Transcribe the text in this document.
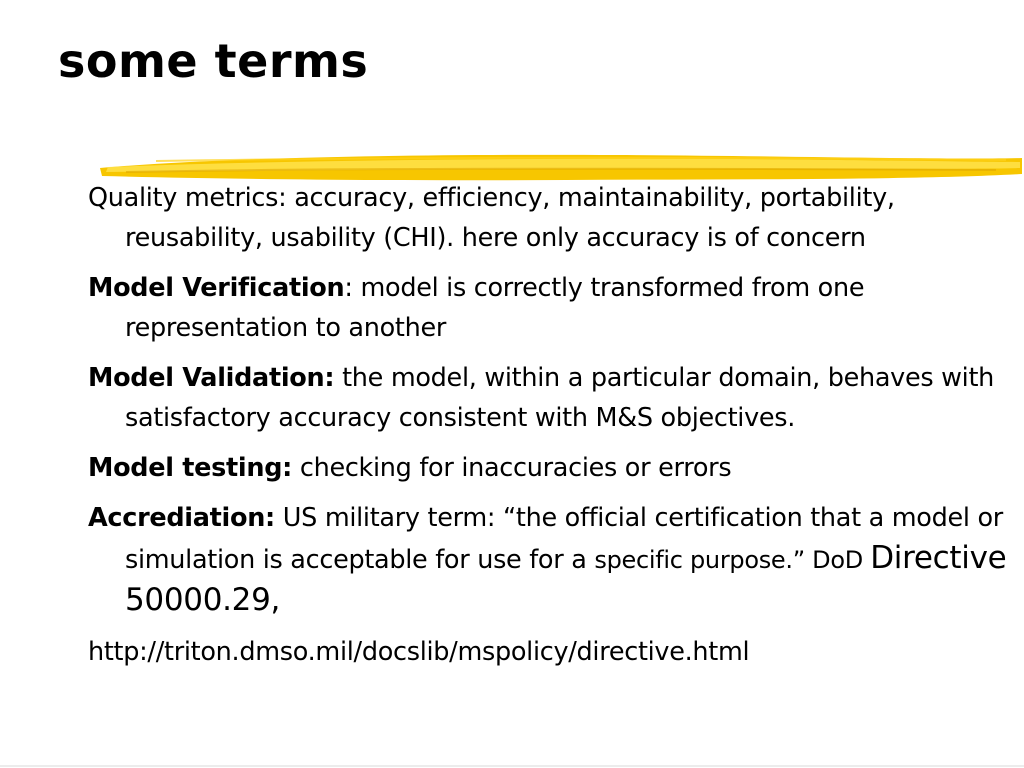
some terms

Quality metrics: accuracy, efficiency, maintainability, portability, reusability, usability (CHI). here only accuracy is of concern

Model Verification: model is correctly transformed from one representation to another

Model Validation: the model, within a particular domain, behaves with satisfactory accuracy consistent with M&S objectives.

Model testing: checking for inaccuracies or errors

Accrediation: US military term: “the official certification that a model or simulation is acceptable for use for a specific purpose.” DoD Directive 50000.29,

http://triton.dmso.mil/docslib/mspolicy/directive.html
